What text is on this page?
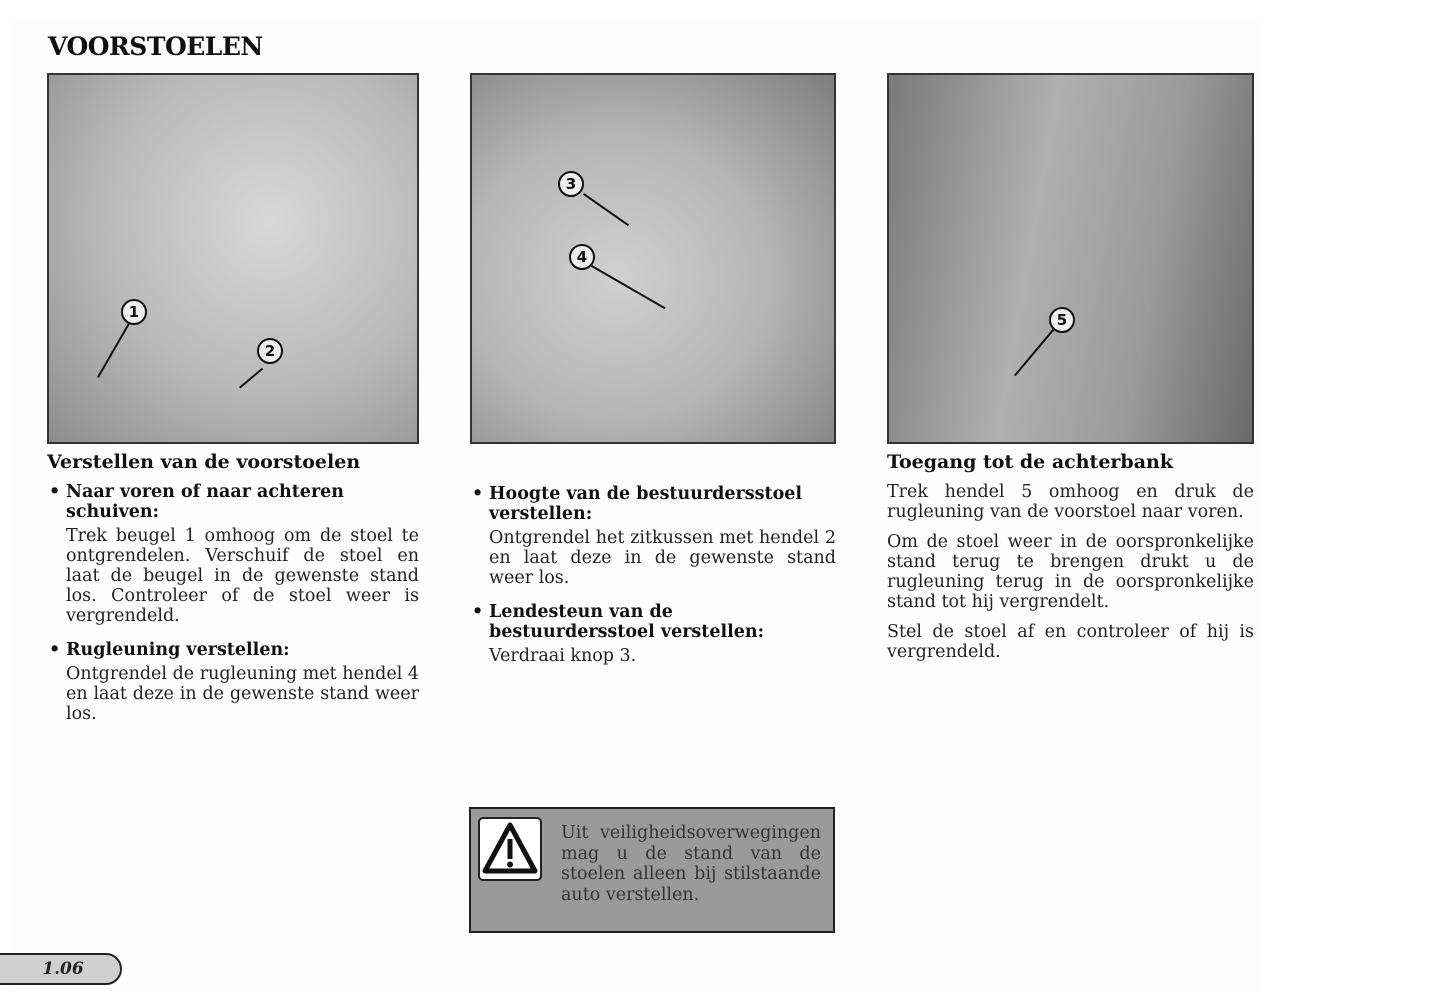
VOORSTOELEN
1
2
3
4
5
Verstellen van de voorstoelen

• Naar voren of naar achteren schuiven:

Trek beugel 1 omhoog om de stoel te ontgrendelen. Verschuif de stoel en laat de beugel in de gewenste stand los. Controleer of de stoel weer is vergrendeld.

• Rugleuning verstellen:

Ontgrendel de rugleuning met hendel 4 en laat deze in de gewenste stand weer los.

• Hoogte van de bestuurdersstoel verstellen:

Ontgrendel het zitkussen met hendel 2 en laat deze in de gewenste stand weer los.

• Lendesteun van de bestuurdersstoel verstellen:

Verdraai knop 3.

Toegang tot de achterbank

Trek hendel 5 omhoog en druk de rugleuning van de voorstoel naar voren.

Om de stoel weer in de oorspronkelijke stand terug te brengen drukt u de rugleuning terug in de oorspronkelijke stand tot hij vergrendelt.

Stel de stoel af en controleer of hij is vergrendeld.

Uit veiligheidsoverwegingen mag u de stand van de stoelen alleen bij stilstaande auto verstellen.
1.06
